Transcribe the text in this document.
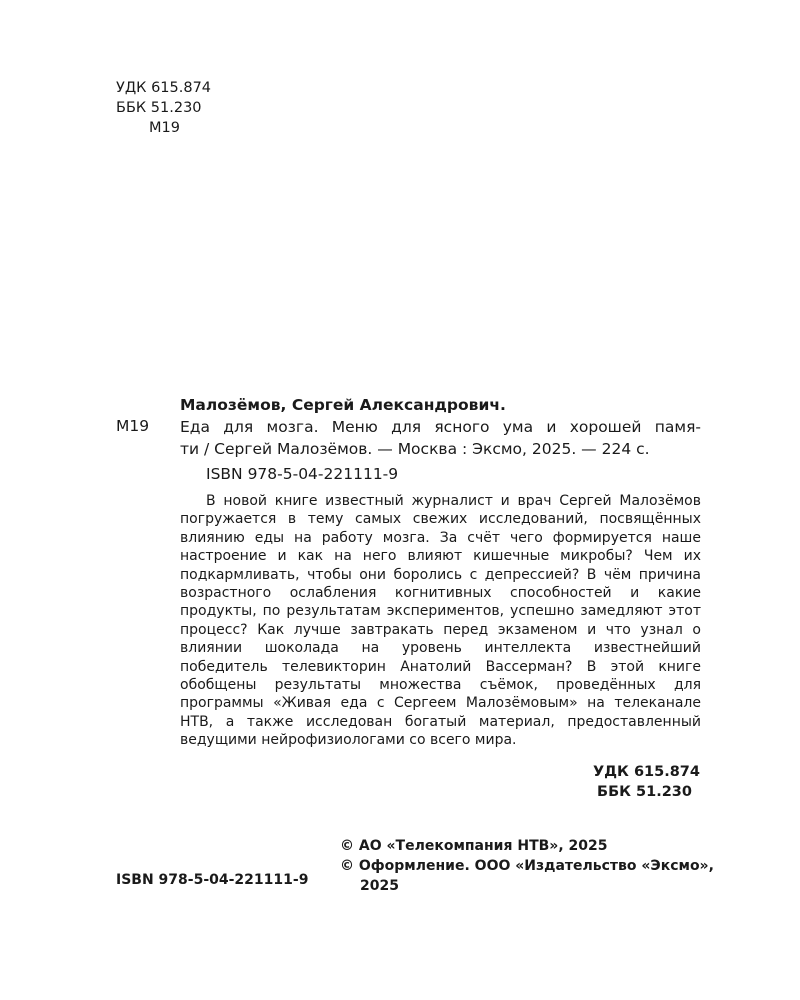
УДК 615.874
ББК 51.230
М19
Малозёмов, Сергей Александрович.
М19 Еда для мозга. Меню для ясного ума и хорошей памя-
ти / Сергей Малозёмов. — Москва : Эксмо, 2025. — 224 с.
ISBN 978-5-04-221111-9

В новой книге известный журналист и врач Сергей Малозёмов погружается в тему самых свежих исследований, посвящённых влиянию еды на работу мозга. За счёт чего формируется наше настроение и как на него влияют кишечные микробы? Чем их подкармливать, чтобы они боролись с депрессией? В чём причина возрастного ослабления когнитивных способностей и какие продукты, по результатам экспериментов, успешно замедляют этот процесс? Как лучше завтракать перед экзаменом и что узнал о влиянии шоколада на уровень интеллекта известнейший победитель телевикторин Анатолий Вассерман? В этой книге обобщены результаты множества съёмок, проведённых для программы «Живая еда с Сергеем Малозёмовым» на телеканале НТВ, а также исследован богатый материал, предоставленный ведущими нейрофизиологами со всего мира.

УДК 615.874
ББК 51.230
© АО «Телекомпания НТВ», 2025
© Оформление. ООО «Издательство «Эксмо»,
2025
ISBN 978-5-04-221111-9
